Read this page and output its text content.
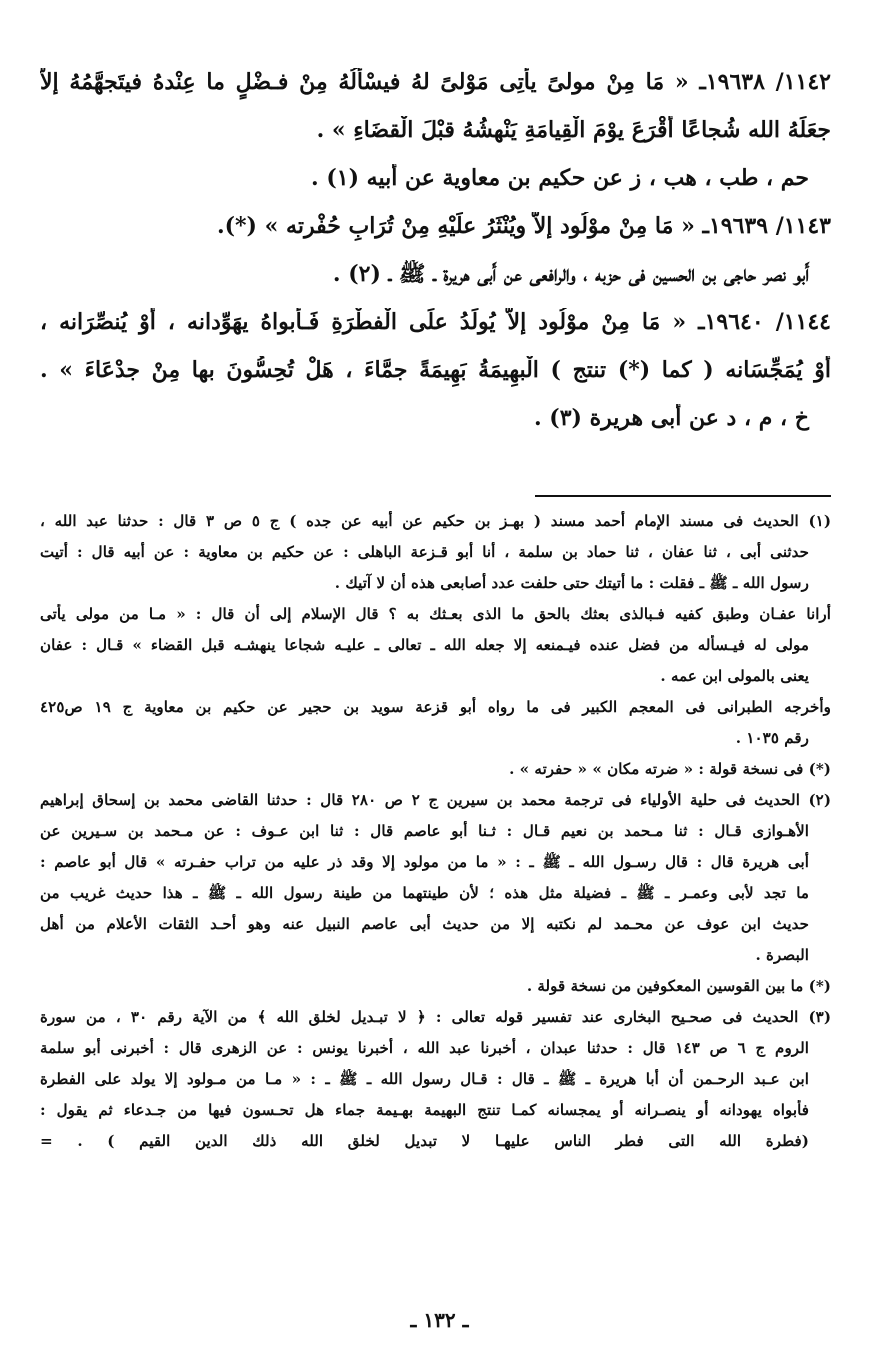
١١٤٢/ ١٩٦٣٨ـ « مَا مِنْ مولىً يأتِى مَوْلىً لهُ فيسْأَلُهُ مِنْ فـضْلٍ ما عِنْدهُ فيتَجهَّمُهُ إلاَّ
جعَلَهُ الله شُجاعًا أَقْرَعَ يوْمَ الْقِيامَةِ يَنْهشُهُ قبْلَ الْقضَاءِ » .
حم ، طب ، هب ، ز عن حكيم بن معاوية عن أبيه (١) .
١١٤٣/ ١٩٦٣٩ـ « مَا مِنْ موْلُود إلاَّ ويُنْثَرُ علَيْهِ مِنْ تُرَابِ حُفْرته » (*).
أَبو نصر حاجى بن الحسين فى حزبه ، والرافعى عن أَبى هريرة ـ ﷺ ـ (٢) .
١١٤٤/ ١٩٦٤٠ـ « مَا مِنْ موْلُود إلاَّ يُولَدُ علَى الْفطْرَةِ فَـأَبواهُ يهَوِّدانه ، أَوْ يُنصِّرَانه ،
أَوْ يُمَجِّسَانه ( كما (*) تنتج ) الْبهِيمَةُ بَهِيمَةً جمَّاءَ ، هَلْ تُحِسُّونَ بها مِنْ جدْعَاءَ » .
خ ، م ، د عن أَبى هريرة (٣) .
(١) الحديث فى مسند الإمام أحمد مسند ( بهـز بن حكيم عن أبيه عن جده ) ج ٥ ص ٣ قال : حدثنا عبد الله ،
حدثنى أبى ، ثنا عفان ، ثنا حماد بن سلمة ، أنا أبو قـزعة الباهلى : عن حكيم بن معاوية : عن أبيه قال : أتيت
رسول الله ـ ﷺ ـ فقلت : ما أتيتك حتى حلفت عدد أصابعى هذه أن لا آتيك .
أرانا عفـان وطبق كفيه فـبالذى بعثك بالحق ما الذى بعـثك به ؟ قال الإسلام إلى أن قال : « مـا من مولى يأتى
مولى له فيـسأله من فضل عنده فيـمنعه إلا جعله الله ـ تعالى ـ عليـه شجاعا ينهشـه قبل القضاء » قـال : عفان
يعنى بالمولى ابن عمه .
وأخرجه الطبرانى فى المعجم الكبير فى ما رواه أبو قزعة سويد بن حجير عن حكيم بن معاوية ج ١٩ ص٤٢٥
رقم ١٠٣٥ .
(*) فى نسخة قولة : « ضرته مكان » « حفرته » .
(٢) الحديث فى حلية الأولياء فى ترجمة محمد بن سيرين ج ٢ ص ٢٨٠ قال : حدثنا القاضى محمد بن إسحاق إبراهيم
الأهـوازى قـال : ثنا مـحمد بن نعيم قـال : ثـنا أبو عاصم قال : ثنا ابن عـوف : عن مـحمد بن سـيرين عن
أبى هريرة قال : قال رسـول الله ـ ﷺ ـ : « ما من مولود إلا وقد ذر عليه من تراب حفـرته » قال أبو عاصم :
ما تجد لأبى وعمـر ـ ﷺ ـ فضيلة مثل هذه ؛ لأن طينتهما من طينة رسول الله ـ ﷺ ـ هذا حديث غريب من
حديث ابن عوف عن محـمد لم نكتبه إلا من حديث أبى عاصم النبيل عنه وهو أحـد الثقات الأعلام من أهل
البصرة .
(*) ما بين القوسين المعكوفين من نسخة قولة .
(٣) الحديث فى صحـيح البخارى عند تفسير قوله تعالى : ﴿ لا تبـديل لخلق الله ﴾ من الآية رقم ٣٠ ، من سورة
الروم ج ٦ ص ١٤٣ قال : حدثنا عبدان ، أخبرنا عبد الله ، أخبرنا يونس : عن الزهرى قال : أخبرنى أبو سلمة
ابن عـبد الرحـمن أن أبا هريرة ـ ﷺ ـ قال : قـال رسول الله ـ ﷺ ـ : « مـا من مـولود إلا يولد على الفطرة
فأبواه يهودانه أو ينصـرانه أو يمجسانه كمـا تنتج البهيمة بهـيمة جماء هل تحـسون فيها من جـدعاء ثم يقول :
(فطرة الله التى فطر الناس عليهـا لا تبديل لخلق الله ذلك الدين القيم ) . =
ـ ١٣٢ ـ
